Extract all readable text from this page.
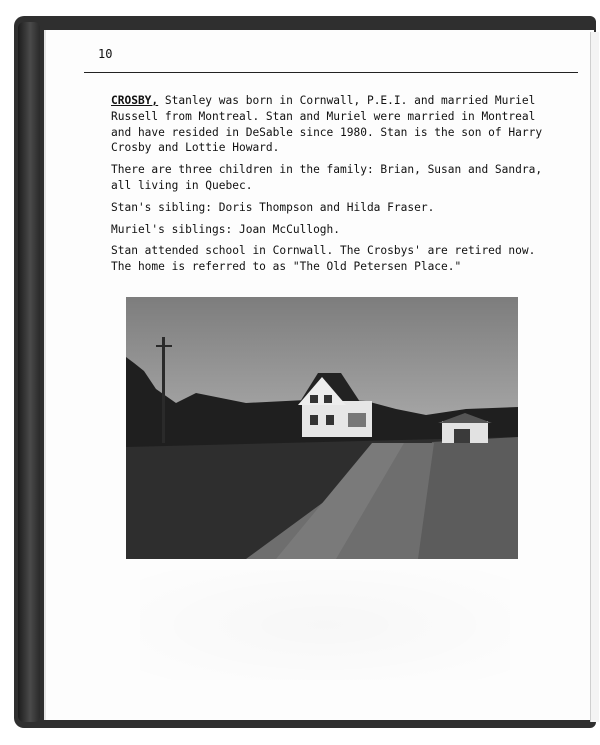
10

CROSBY, Stanley was born in Cornwall, P.E.I. and married Muriel Russell from Montreal. Stan and Muriel were married in Montreal and have resided in DeSable since 1980. Stan is the son of Harry Crosby and Lottie Howard.

There are three children in the family: Brian, Susan and Sandra, all living in Quebec.

Stan's sibling: Doris Thompson and Hilda Fraser.

Muriel's siblings: Joan McCullogh.

Stan attended school in Cornwall. The Crosbys' are retired now. The home is referred to as "The Old Petersen Place."
